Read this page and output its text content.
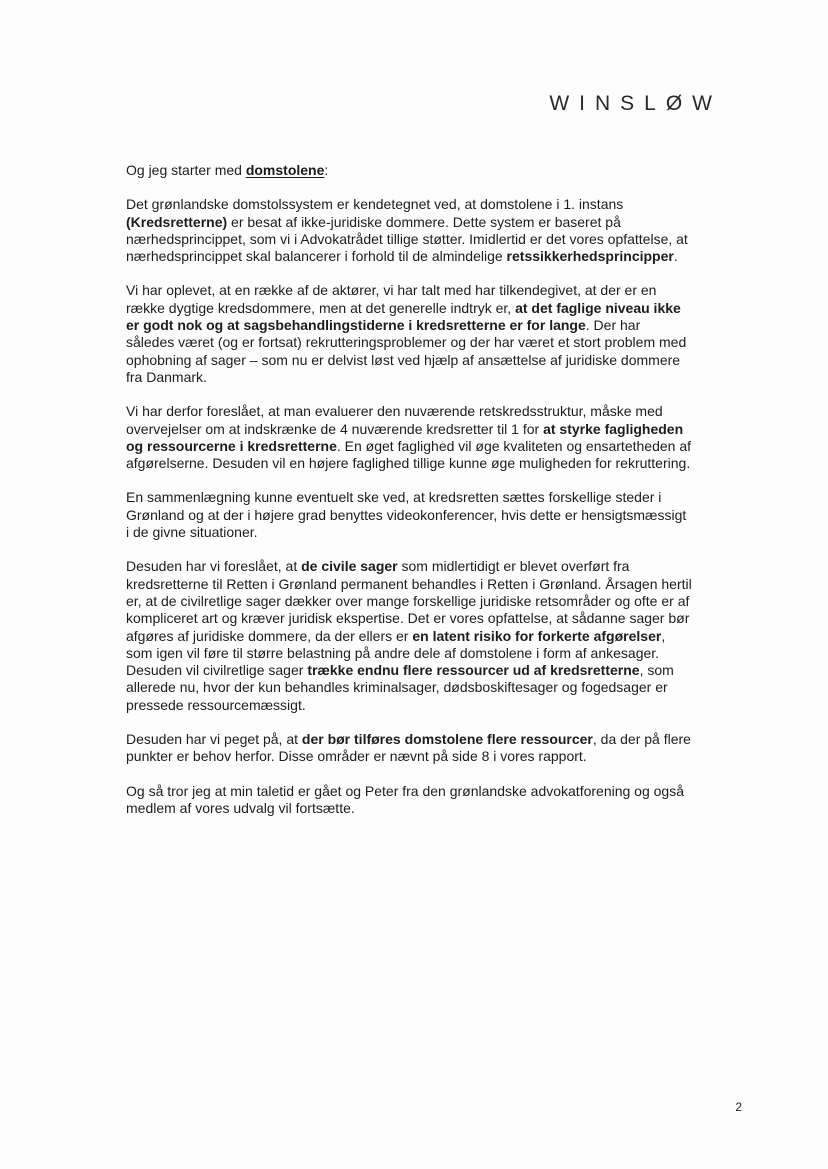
WINSLØW

Og jeg starter med domstolene:

Det grønlandske domstolssystem er kendetegnet ved, at domstolene i 1. instans (Kredsretterne) er besat af ikke-juridiske dommere. Dette system er baseret på nærhedsprincippet, som vi i Advokatrådet tillige støtter. Imidlertid er det vores opfattelse, at nærhedsprincippet skal balancerer i forhold til de almindelige retssikkerhedsprincipper.

Vi har oplevet, at en række af de aktører, vi har talt med har tilkendegivet, at der er en række dygtige kredsdommere, men at det generelle indtryk er, at det faglige niveau ikke er godt nok og at sagsbehandlingstiderne i kredsretterne er for lange. Der har således været (og er fortsat) rekrutteringsproblemer og der har været et stort problem med ophobning af sager – som nu er delvist løst ved hjælp af ansættelse af juridiske dommere fra Danmark.

Vi har derfor foreslået, at man evaluerer den nuværende retskredsstruktur, måske med overvejelser om at indskrænke de 4 nuværende kredsretter til 1 for at styrke fagligheden og ressourcerne i kredsretterne. En øget faglighed vil øge kvaliteten og ensartetheden af afgørelserne. Desuden vil en højere faglighed tillige kunne øge muligheden for rekruttering.

En sammenlægning kunne eventuelt ske ved, at kredsretten sættes forskellige steder i Grønland og at der i højere grad benyttes videokonferencer, hvis dette er hensigtsmæssigt i de givne situationer.

Desuden har vi foreslået, at de civile sager som midlertidigt er blevet overført fra kredsretterne til Retten i Grønland permanent behandles i Retten i Grønland. Årsagen hertil er, at de civilretlige sager dækker over mange forskellige juridiske retsområder og ofte er af kompliceret art og kræver juridisk ekspertise. Det er vores opfattelse, at sådanne sager bør afgøres af juridiske dommere, da der ellers er en latent risiko for forkerte afgørelser, som igen vil føre til større belastning på andre dele af domstolene i form af ankesager. Desuden vil civilretlige sager trække endnu flere ressourcer ud af kredsretterne, som allerede nu, hvor der kun behandles kriminalsager, dødsboskiftesager og fogedsager er pressede ressourcemæssigt.

Desuden har vi peget på, at der bør tilføres domstolene flere ressourcer, da der på flere punkter er behov herfor. Disse områder er nævnt på side 8 i vores rapport.

Og så tror jeg at min taletid er gået og Peter fra den grønlandske advokatforening og også medlem af vores udvalg vil fortsætte.

2
